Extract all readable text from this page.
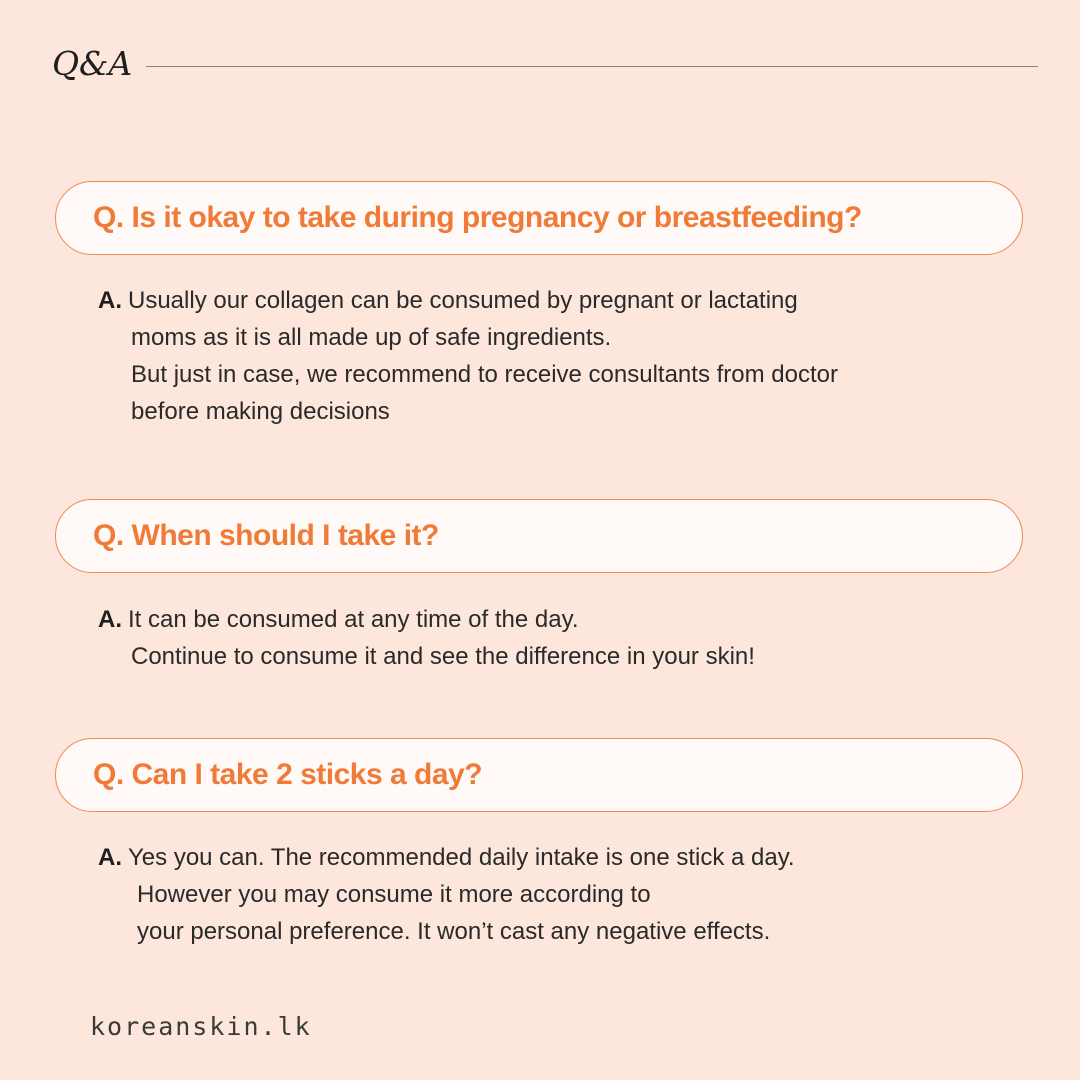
Q&A
Q. Is it okay to take during pregnancy or breastfeeding?
A. Usually our collagen can be consumed by pregnant or lactating
moms as it is all made up of safe ingredients.
But just in case, we recommend to receive consultants from doctor
before making decisions
Q. When should I take it?
A. It can be consumed at any time of the day.
Continue to consume it and see the difference in your skin!
Q. Can I take 2 sticks a day?
A. Yes you can. The recommended daily intake is one stick a day.
However you may consume it more according to
your personal preference. It won’t cast any negative effects.
koreanskin.lk
